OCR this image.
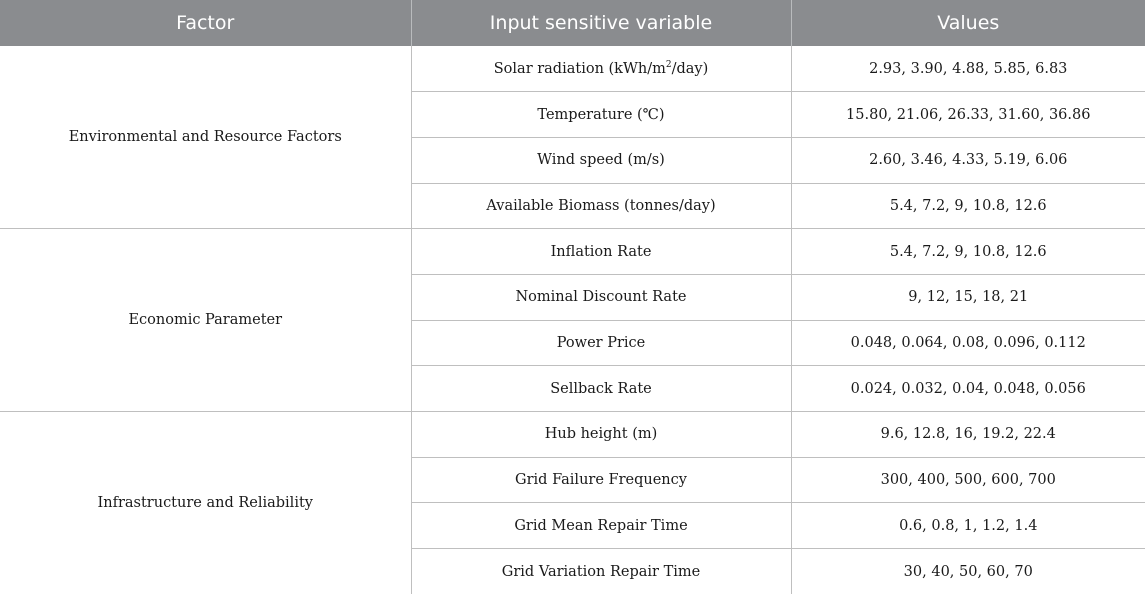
Factor	Input sensitive variable	Values
Environmental and Resource Factors	Solar radiation $(kWh/m^2/day)$	2.93, 3.90, 4.88, 5.85, 6.83
	Temperature (℃)	15.80, 21.06, 26.33, 31.60, 36.86
	Wind speed (m/s)	2.60, 3.46, 4.33, 5.19, 6.06
	Available Biomass (tonnes/day)	5.4, 7.2, 9, 10.8, 12.6
Economic Parameter	Inflation Rate	5.4, 7.2, 9, 10.8, 12.6
	Nominal Discount Rate	9, 12, 15, 18, 21
	Power Price	0.048, 0.064, 0.08, 0.096, 0.112
	Sellback Rate	0.024, 0.032, 0.04, 0.048, 0.056
Infrastructure and Reliability	Hub height (m)	9.6, 12.8, 16, 19.2, 22.4
	Grid Failure Frequency	300, 400, 500, 600, 700
	Grid Mean Repair Time	0.6, 0.8, 1, 1.2, 1.4
	Grid Variation Repair Time	30, 40, 50, 60, 70
